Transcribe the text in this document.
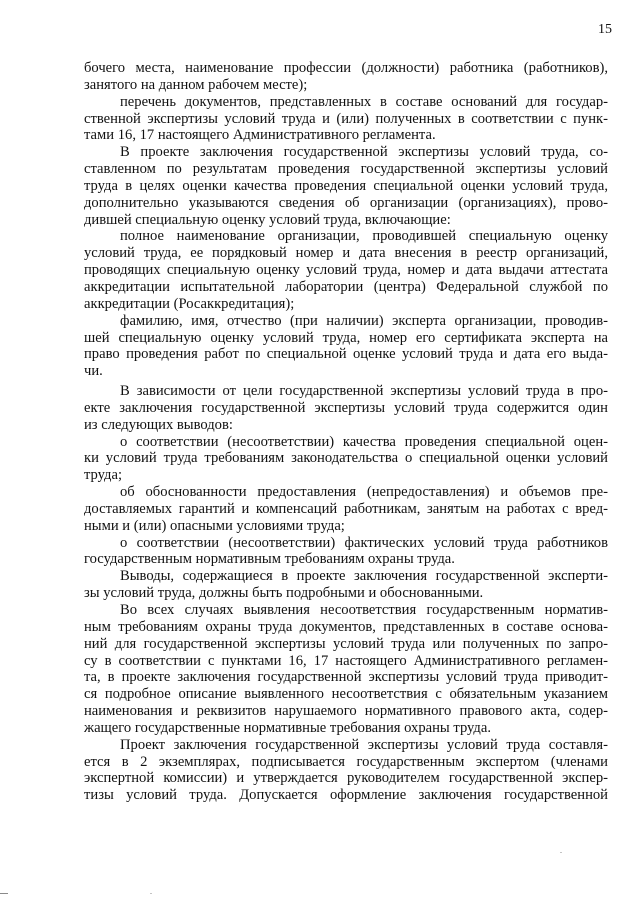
15
бочего места, наименование профессии (должности) работника (работников),
занятого на данном рабочем месте);
перечень документов, представленных в составе оснований для государ-
ственной экспертизы условий труда и (или) полученных в соответствии с пунк-
тами 16, 17 настоящего Административного регламента.
В проекте заключения государственной экспертизы условий труда, со-
ставленном по результатам проведения государственной экспертизы условий
труда в целях оценки качества проведения специальной оценки условий труда,
дополнительно указываются сведения об организации (организациях), прово-
дившей специальную оценку условий труда, включающие:
полное наименование организации, проводившей специальную оценку
условий труда, ее порядковый номер и дата внесения в реестр организаций,
проводящих специальную оценку условий труда, номер и дата выдачи аттестата
аккредитации испытательной лаборатории (центра) Федеральной службой по
аккредитации (Росаккредитация);
фамилию, имя, отчество (при наличии) эксперта организации, проводив-
шей специальную оценку условий труда, номер его сертификата эксперта на
право проведения работ по специальной оценке условий труда и дата его выда-
чи.
В зависимости от цели государственной экспертизы условий труда в про-
екте заключения государственной экспертизы условий труда содержится один
из следующих выводов:
о соответствии (несоответствии) качества проведения специальной оцен-
ки условий труда требованиям законодательства о специальной оценки условий
труда;
об обоснованности предоставления (непредоставления) и объемов пре-
доставляемых гарантий и компенсаций работникам, занятым на работах с вред-
ными и (или) опасными условиями труда;
о соответствии (несоответствии) фактических условий труда работников
государственным нормативным требованиям охраны труда.
Выводы, содержащиеся в проекте заключения государственной эксперти-
зы условий труда, должны быть подробными и обоснованными.
Во всех случаях выявления несоответствия государственным норматив-
ным требованиям охраны труда документов, представленных в составе основа-
ний для государственной экспертизы условий труда или полученных по запро-
су в соответствии с пунктами 16, 17 настоящего Административного регламен-
та, в проекте заключения государственной экспертизы условий труда приводит-
ся подробное описание выявленного несоответствия с обязательным указанием
наименования и реквизитов нарушаемого нормативного правового акта, содер-
жащего государственные нормативные требования охраны труда.
Проект заключения государственной экспертизы условий труда составля-
ется в 2 экземплярах, подписывается государственным экспертом (членами
экспертной комиссии) и утверждается руководителем государственной экспер-
тизы условий труда. Допускается оформление заключения государственной
